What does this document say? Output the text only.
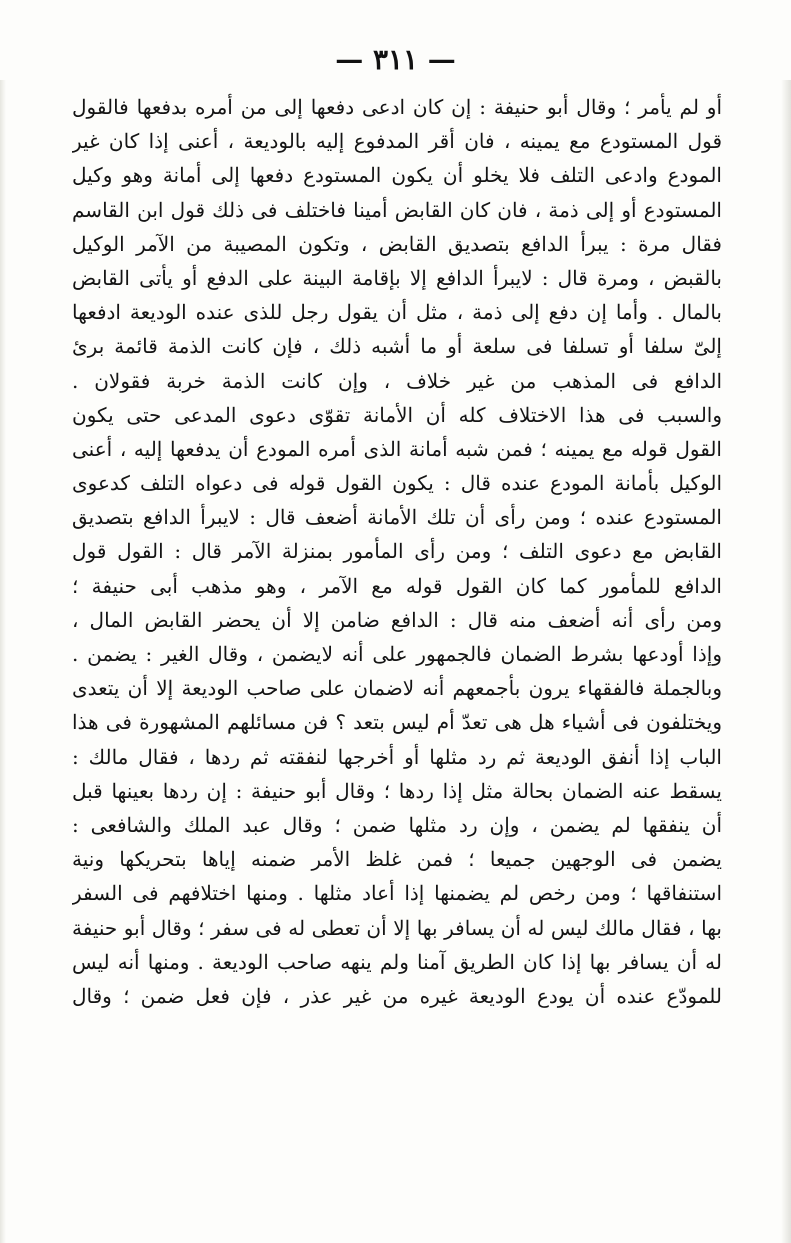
— ٣١١ —
أو لم يأمر ؛ وقال أبو حنيفة : إن كان ادعى دفعها إلى من أمره بدفعها فالقول
قول المستودع مع يمينه ، فان أقر المدفوع إليه بالوديعة ، أعنى إذا كان غير
المودع وادعى التلف فلا يخلو أن يكون المستودع دفعها إلى أمانة وهو وكيل
المستودع أو إلى ذمة ، فان كان القابض أمينا فاختلف فى ذلك قول ابن القاسم
فقال مرة : يبرأ الدافع بتصديق القابض ، وتكون المصيبة من الآمر الوكيل
بالقبض ، ومرة قال : لايبرأ الدافع إلا بإقامة البينة على الدفع أو يأتى القابض
بالمال . وأما إن دفع إلى ذمة ، مثل أن يقول رجل للذى عنده الوديعة ادفعها
إلىّ سلفا أو تسلفا فى سلعة أو ما أشبه ذلك ، فإن كانت الذمة قائمة برئ
الدافع فى المذهب من غير خلاف ، وإن كانت الذمة خربة فقولان .
والسبب فى هذا الاختلاف كله أن الأمانة تقوّى دعوى المدعى حتى يكون
القول قوله مع يمينه ؛ فمن شبه أمانة الذى أمره المودع أن يدفعها إليه ، أعنى
الوكيل بأمانة المودع عنده قال : يكون القول قوله فى دعواه التلف كدعوى
المستودع عنده ؛ ومن رأى أن تلك الأمانة أضعف قال : لايبرأ الدافع بتصديق
القابض مع دعوى التلف ؛ ومن رأى المأمور بمنزلة الآمر قال : القول قول
الدافع للمأمور كما كان القول قوله مع الآمر ، وهو مذهب أبى حنيفة ؛
ومن رأى أنه أضعف منه قال : الدافع ضامن إلا أن يحضر القابض المال ،
وإذا أودعها بشرط الضمان فالجمهور على أنه لايضمن ، وقال الغير : يضمن .
وبالجملة فالفقهاء يرون بأجمعهم أنه لاضمان على صاحب الوديعة إلا أن يتعدى
ويختلفون فى أشياء هل هى تعدّ أم ليس بتعد ؟ فن مسائلهم المشهورة فى هذا
الباب إذا أنفق الوديعة ثم رد مثلها أو أخرجها لنفقته ثم ردها ، فقال مالك :
يسقط عنه الضمان بحالة مثل إذا ردها ؛ وقال أبو حنيفة : إن ردها بعينها قبل
أن ينفقها لم يضمن ، وإن رد مثلها ضمن ؛ وقال عبد الملك والشافعى :
يضمن فى الوجهين جميعا ؛ فمن غلظ الأمر ضمنه إياها بتحريكها ونية
استنفاقها ؛ ومن رخص لم يضمنها إذا أعاد مثلها . ومنها اختلافهم فى السفر
بها ، فقال مالك ليس له أن يسافر بها إلا أن تعطى له فى سفر ؛ وقال أبو حنيفة
له أن يسافر بها إذا كان الطريق آمنا ولم ينهه صاحب الوديعة . ومنها أنه ليس
للمودّع عنده أن يودع الوديعة غيره من غير عذر ، فإن فعل ضمن ؛ وقال
